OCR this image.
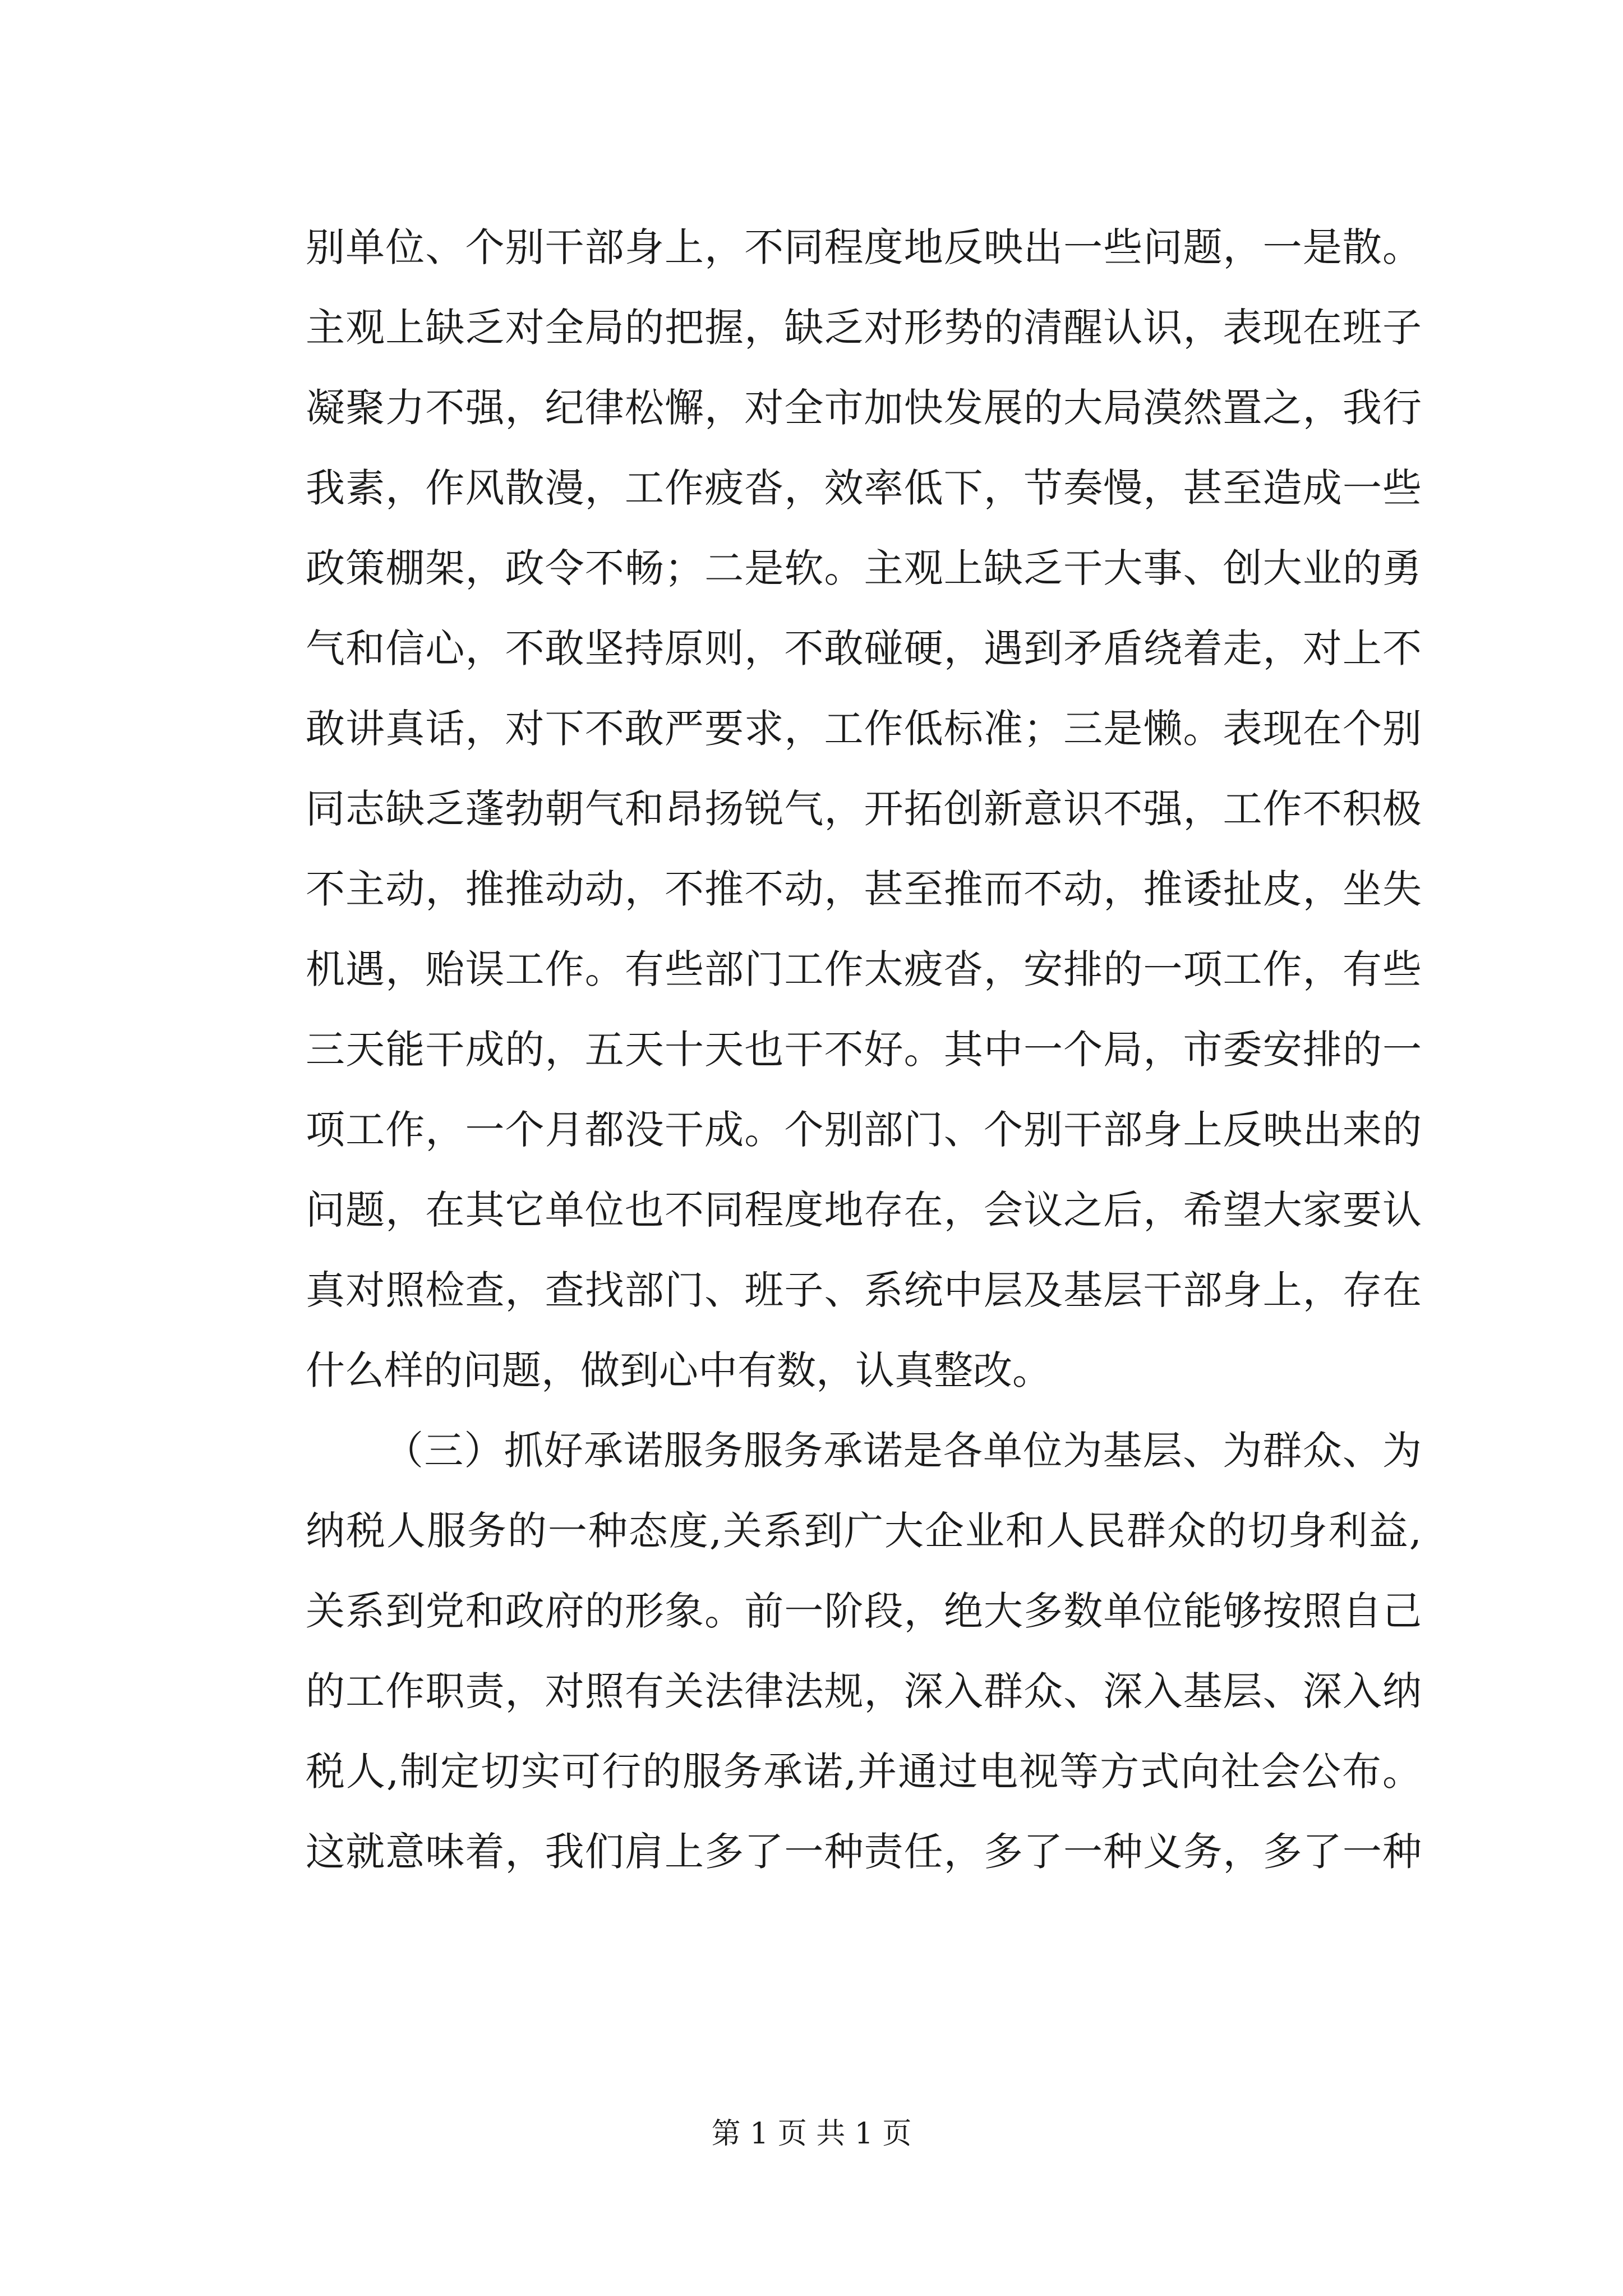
别单位、个别干部身上，不同程度地反映出一些问题，一是散。
主观上缺乏对全局的把握，缺乏对形势的清醒认识，表现在班子
凝聚力不强，纪律松懈，对全市加快发展的大局漠然置之，我行
我素，作风散漫，工作疲沓，效率低下，节奏慢，甚至造成一些
政策棚架，政令不畅；二是软。主观上缺乏干大事、创大业的勇
气和信心，不敢坚持原则，不敢碰硬，遇到矛盾绕着走，对上不
敢讲真话，对下不敢严要求，工作低标准；三是懒。表现在个别
同志缺乏蓬勃朝气和昂扬锐气，开拓创新意识不强，工作不积极
不主动，推推动动，不推不动，甚至推而不动，推诿扯皮，坐失
机遇，贻误工作。有些部门工作太疲沓，安排的一项工作，有些
三天能干成的，五天十天也干不好。其中一个局，市委安排的一
项工作，一个月都没干成。个别部门、个别干部身上反映出来的
问题，在其它单位也不同程度地存在，会议之后，希望大家要认
真对照检查，查找部门、班子、系统中层及基层干部身上，存在
什么样的问题，做到心中有数，认真整改。
（三）抓好承诺服务服务承诺是各单位为基层、为群众、为
纳税人服务的一种态度,关系到广大企业和人民群众的切身利益,
关系到党和政府的形象。前一阶段，绝大多数单位能够按照自己
的工作职责，对照有关法律法规，深入群众、深入基层、深入纳
税人,制定切实可行的服务承诺,并通过电视等方式向社会公布。
这就意味着，我们肩上多了一种责任，多了一种义务，多了一种
第 1 页 共 1 页
